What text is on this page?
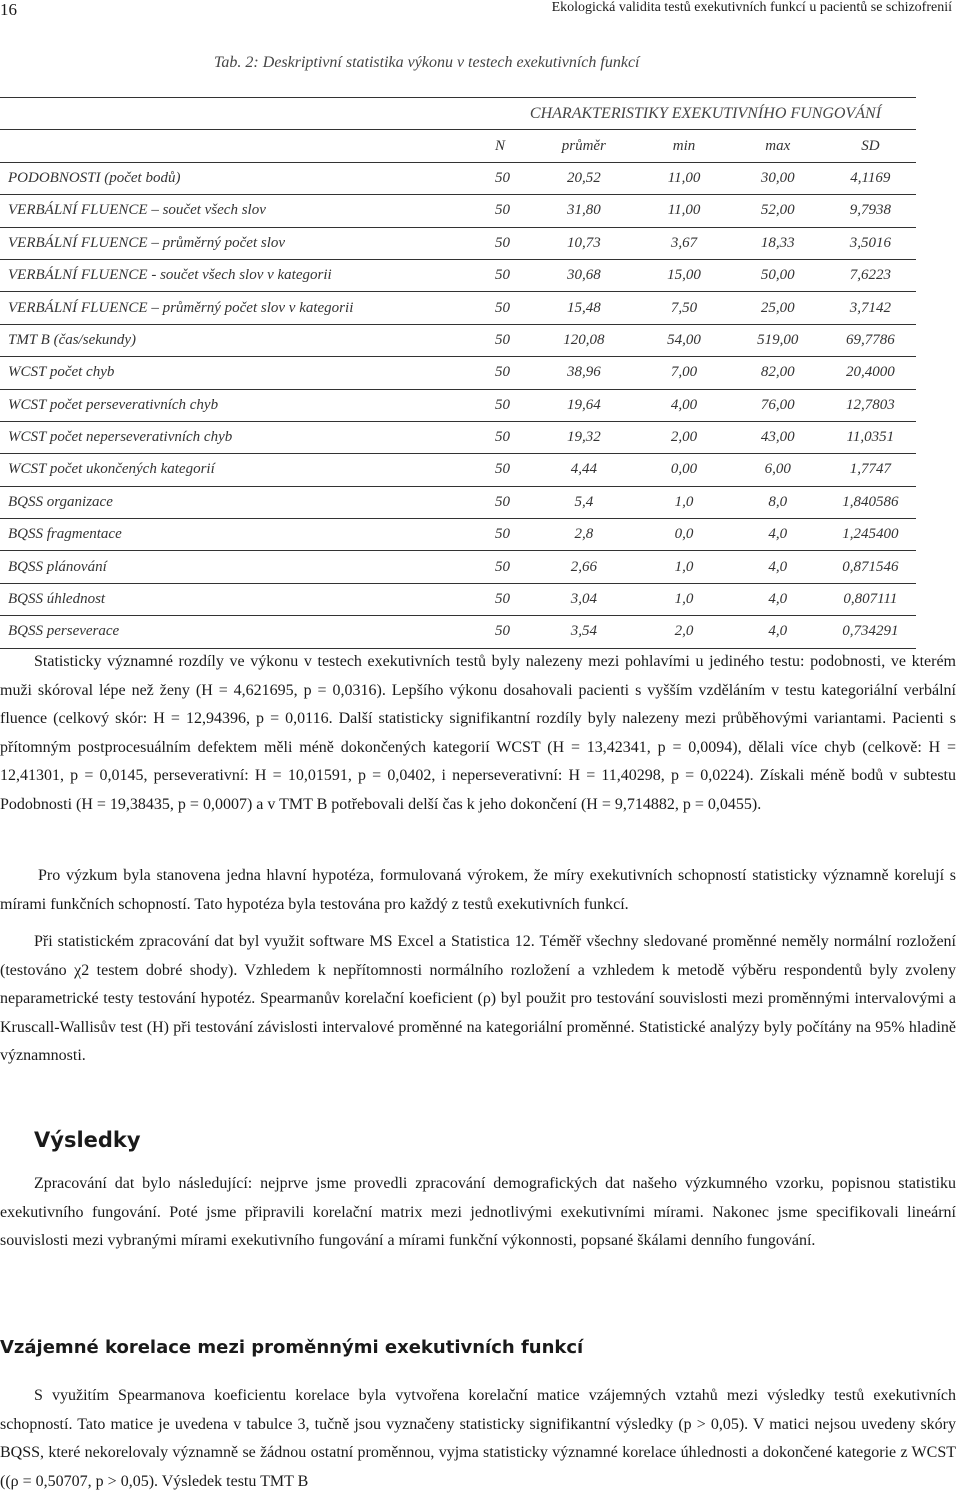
16	Ekologická validita testů exekutivních funkcí u pacientů se schizofrenií
Tab. 2: Deskriptivní statistika výkonu v testech exekutivních funkcí
	CHARAKTERISTIKY EXEKUTIVNÍHO FUNGOVÁNÍ				
	N	průměr	min	max	SD
PODOBNOSTI (počet bodů)	50	20,52	11,00	30,00	4,1169
VERBÁLNÍ FLUENCE – součet všech slov	50	31,80	11,00	52,00	9,7938
VERBÁLNÍ FLUENCE – průměrný počet slov	50	10,73	3,67	18,33	3,5016
VERBÁLNÍ FLUENCE - součet všech slov v kategorii	50	30,68	15,00	50,00	7,6223
VERBÁLNÍ FLUENCE – průměrný počet slov v kategorii	50	15,48	7,50	25,00	3,7142
TMT B (čas/sekundy)	50	120,08	54,00	519,00	69,7786
WCST počet chyb	50	38,96	7,00	82,00	20,4000
WCST počet perseverativních chyb	50	19,64	4,00	76,00	12,7803
WCST počet neperseverativních chyb	50	19,32	2,00	43,00	11,0351
WCST počet ukončených kategorií	50	4,44	0,00	6,00	1,7747
BQSS organizace	50	5,4	1,0	8,0	1,840586
BQSS fragmentace	50	2,8	0,0	4,0	1,245400
BQSS plánování	50	2,66	1,0	4,0	0,871546
BQSS úhlednost	50	3,04	1,0	4,0	0,807111
BQSS perseverace	50	3,54	2,0	4,0	0,734291

Statisticky významné rozdíly ve výkonu v testech exekutivních testů byly nalezeny mezi pohlavími u jediného testu: podobnosti, ve kterém muži skóroval lépe než ženy (H = 4,621695, p = 0,0316). Lepšího výkonu dosahovali pacienti s vyšším vzděláním v testu kategoriální verbální fluence (celkový skór: H = 12,94396, p = 0,0116. Další statisticky signifikantní rozdíly byly nalezeny mezi průběhovými variantami. Pacienti s přítomným postprocesuálním defektem měli méně dokončených kategorií WCST (H = 13,42341, p = 0,0094), dělali více chyb (celkově: H = 12,41301, p = 0,0145, perseverativní: H = 10,01591, p = 0,0402, i neperseverativní: H = 11,40298, p = 0,0224). Získali méně bodů v subtestu Podobnosti (H = 19,38435, p = 0,0007) a v TMT B potřebovali delší čas k jeho dokončení (H = 9,714882, p = 0,0455).

Pro výzkum byla stanovena jedna hlavní hypotéza, formulovaná výrokem, že míry exekutivních schopností statisticky významně korelují s mírami funkčních schopností. Tato hypotéza byla testována pro každý z testů exekutivních funkcí.

Při statistickém zpracování dat byl využit software MS Excel a Statistica 12. Téměř všechny sledované proměnné neměly normální rozložení (testováno χ2 testem dobré shody). Vzhledem k nepřítomnosti normálního rozložení a vzhledem k metodě výběru respondentů byly zvoleny neparametrické testy testování hypotéz. Spearmanův korelační koeficient (ρ) byl použit pro testování souvislosti mezi proměnnými intervalovými a Kruscall-Wallisův test (H) při testování závislosti intervalové proměnné na kategoriální proměnné. Statistické analýzy byly počítány na 95% hladině významnosti.

Výsledky

Zpracování dat bylo následující: nejprve jsme provedli zpracování demografických dat našeho výzkumného vzorku, popisnou statistiku exekutivního fungování. Poté jsme připravili korelační matrix mezi jednotlivými exekutivními mírami. Nakonec jsme specifikovali lineární souvislosti mezi vybranými mírami exekutivního fungování a mírami funkční výkonnosti, popsané škálami denního fungování.

Vzájemné korelace mezi proměnnými exekutivních funkcí

S využitím Spearmanova koeficientu korelace byla vytvořena korelační matice vzájemných vztahů mezi výsledky testů exekutivních schopností. Tato matice je uvedena v tabulce 3, tučně jsou vyznačeny statisticky signifikantní výsledky (p > 0,05). V matici nejsou uvedeny skóry BQSS, které nekorelovaly významně se žádnou ostatní proměnnou, vyjma statisticky významné korelace úhlednosti a dokončené kategorie z WCST ((ρ = 0,50707, p > 0,05). Výsledek testu TMT B
